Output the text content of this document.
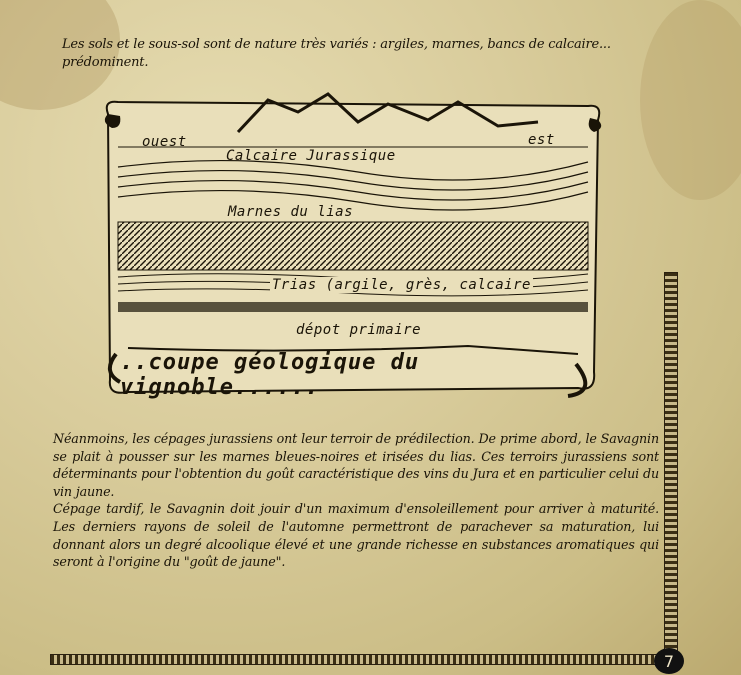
Les sols et le sous-sol sont de nature très variés : argiles, marnes, bancs de calcaire... prédominent.
ouest	est
Calcaire Jurassique
Marnes du lias
Trias (argile, grès, calcaire
dépot primaire
..coupe géologique du vignoble......

Néanmoins, les cépages jurassiens ont leur terroir de prédilection. De prime abord, le Savagnin se plait à pousser sur les marnes bleues-noires et irisées du lias. Ces terroirs jurassiens sont déterminants pour l'obtention du goût caractéristique des vins du Jura et en particulier celui du vin jaune.

Cépage tardif, le Savagnin doit jouir d'un maximum d'ensoleillement pour arriver à maturité. Les derniers rayons de soleil de l'automne permettront de parachever sa maturation, lui donnant alors un degré alcoolique élevé et une grande richesse en substances aromatiques qui seront à l'origine du "goût de jaune".

7
